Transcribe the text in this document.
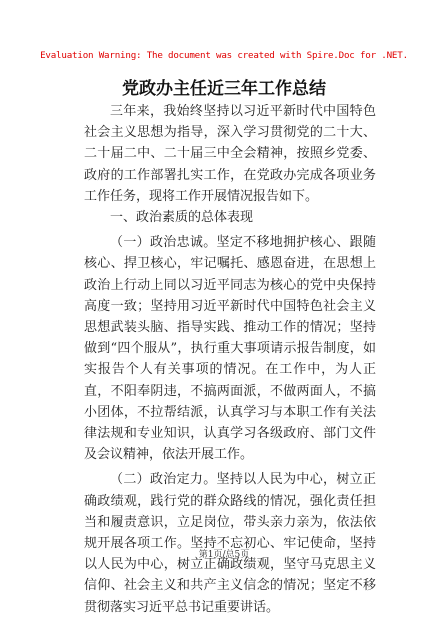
Evaluation Warning: The document was created with Spire.Doc for .NET.
党政办主任近三年工作总结

三年来，我始终坚持以习近平新时代中国特色社会主义思想为指导，深入学习贯彻党的二十大、二十届二中、二十届三中全会精神，按照乡党委、政府的工作部署扎实工作，在党政办完成各项业务工作任务，现将工作开展情况报告如下。

一、政治素质的总体表现

（一）政治忠诚。坚定不移地拥护核心、跟随核心、捍卫核心，牢记嘱托、感恩奋进，在思想上政治上行动上同以习近平同志为核心的党中央保持高度一致；坚持用习近平新时代中国特色社会主义思想武装头脑、指导实践、推动工作的情况；坚持做到“四个服从”，执行重大事项请示报告制度，如实报告个人有关事项的情况。在工作中，为人正直，不阳奉阴违，不搞两面派，不做两面人，不搞小团体，不拉帮结派，认真学习与本职工作有关法律法规和专业知识，认真学习各级政府、部门文件及会议精神，依法开展工作。

（二）政治定力。坚持以人民为中心，树立正确政绩观，践行党的群众路线的情况，强化责任担当和履责意识，立足岗位，带头亲力亲为，依法依规开展各项工作。坚持不忘初心、牢记使命，坚持以人民为中心，树立正确政绩观，坚守马克思主义信仰、社会主义和共产主义信念的情况；坚定不移贯彻落实习近平总书记重要讲话。

第1页/总5页
